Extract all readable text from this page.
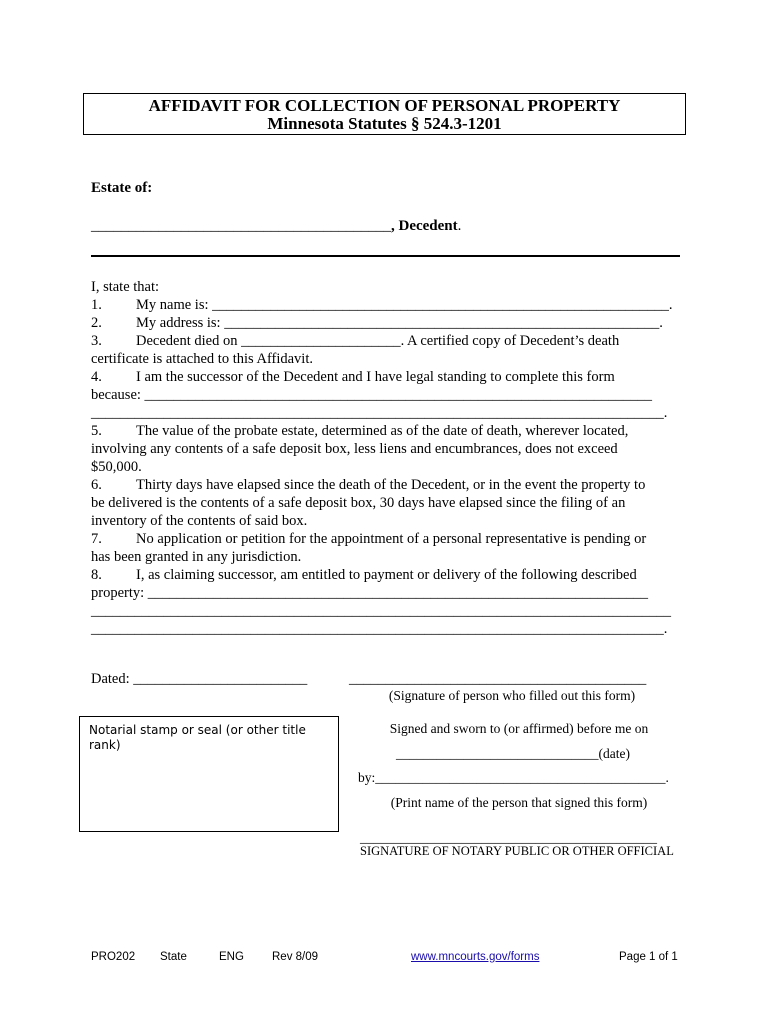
AFFIDAVIT FOR COLLECTION OF PERSONAL PROPERTY
Minnesota Statutes § 524.3-1201
Estate of:
________________________________________, Decedent.
I, state that:
1. My name is: _______________________________________________________________.
2. My address is: ____________________________________________________________.
3. Decedent died on ______________________. A certified copy of Decedent’s death
certificate is attached to this Affidavit.
4. I am the successor of the Decedent and I have legal standing to complete this form
because: ______________________________________________________________________
_______________________________________________________________________________.
5. The value of the probate estate, determined as of the date of death, wherever located,
involving any contents of a safe deposit box, less liens and encumbrances, does not exceed
$50,000.
6. Thirty days have elapsed since the death of the Decedent, or in the event the property to
be delivered is the contents of a safe deposit box, 30 days have elapsed since the filing of an
inventory of the contents of said box.
7. No application or petition for the appointment of a personal representative is pending or
has been granted in any jurisdiction.
8. I, as claiming successor, am entitled to payment or delivery of the following described
property: _____________________________________________________________________
________________________________________________________________________________
_______________________________________________________________________________.
Dated: ________________________	_________________________________________
(Signature of person who filled out this form)
Signed and sworn to (or affirmed) before me on
______________________________(date)
by:___________________________________________.
(Print name of the person that signed this form)
____________________________________________
SIGNATURE OF NOTARY PUBLIC OR OTHER OFFICIAL
Notarial stamp or seal (or other title rank)
PRO202 State	ENG Rev 8/09	www.mncourts.gov/forms	Page 1 of 1
